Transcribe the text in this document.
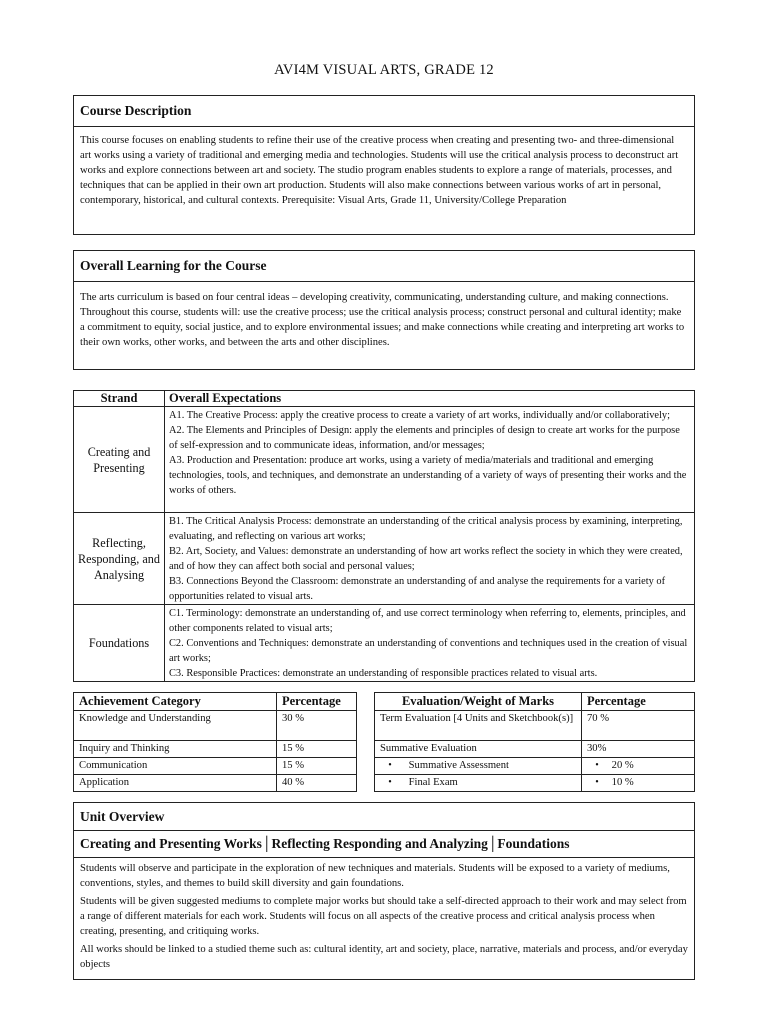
AVI4M VISUAL ARTS, GRADE 12
Course Description
This course focuses on enabling students to refine their use of the creative process when creating and presenting two- and three-dimensional art works using a variety of traditional and emerging media and technologies. Students will use the critical analysis process to deconstruct art works and explore connections between art and society. The studio program enables students to explore a range of materials, processes, and techniques that can be applied in their own art production. Students will also make connections between various works of art in personal, contemporary, historical, and cultural contexts. Prerequisite: Visual Arts, Grade 11, University/College Preparation
Overall Learning for the Course
The arts curriculum is based on four central ideas – developing creativity, communicating, understanding culture, and making connections. Throughout this course, students will: use the creative process; use the critical analysis process; construct personal and cultural identity; make a commitment to equity, social justice, and to explore environmental issues; and make connections while creating and interpreting art works to their own works, other works, and between the arts and other disciplines.
Strand	Overall Expectations
Creating and Presenting	A1. The Creative Process: apply the creative process to create a variety of art works, individually and/or collaboratively;
A2. The Elements and Principles of Design: apply the elements and principles of design to create art works for the purpose of self-expression and to communicate ideas, information, and/or messages;
A3. Production and Presentation: produce art works, using a variety of media/materials and traditional and emerging technologies, tools, and techniques, and demonstrate an understanding of a variety of ways of presenting their works and the works of others.

Reflecting, Responding, and Analysing	B1. The Critical Analysis Process: demonstrate an understanding of the critical analysis process by examining, interpreting, evaluating, and reflecting on various art works;
B2. Art, Society, and Values: demonstrate an understanding of how art works reflect the society in which they were created, and of how they can affect both social and personal values;
B3. Connections Beyond the Classroom: demonstrate an understanding of and analyse the requirements for a variety of opportunities related to visual arts.

Foundations	C1. Terminology: demonstrate an understanding of, and use correct terminology when referring to, elements, principles, and other components related to visual arts;
C2. Conventions and Techniques: demonstrate an understanding of conventions and techniques used in the creation of visual art works;
C3. Responsible Practices: demonstrate an understanding of responsible practices related to visual arts.
Achievement Category	Percentage
Knowledge and Understanding	30 %
Inquiry and Thinking	15 %
Communication	15 %
Application	40 %
Evaluation/Weight of Marks	Percentage
Term Evaluation [4 Units and Sketchbook(s)]	70 %
Summative Evaluation	30%
• Summative Assessment	• 20 %
• Final Exam	• 10 %
Unit Overview
Creating and Presenting Works│Reflecting Responding and Analyzing│Foundations

Students will observe and participate in the exploration of new techniques and materials. Students will be exposed to a variety of mediums, conventions, styles, and themes to build skill diversity and gain foundations.

Students will be given suggested mediums to complete major works but should take a self-directed approach to their work and may select from a range of different materials for each work. Students will focus on all aspects of the creative process and critical analysis process when creating, presenting, and critiquing works.

All works should be linked to a studied theme such as: cultural identity, art and society, place, narrative, materials and process, and/or everyday objects
